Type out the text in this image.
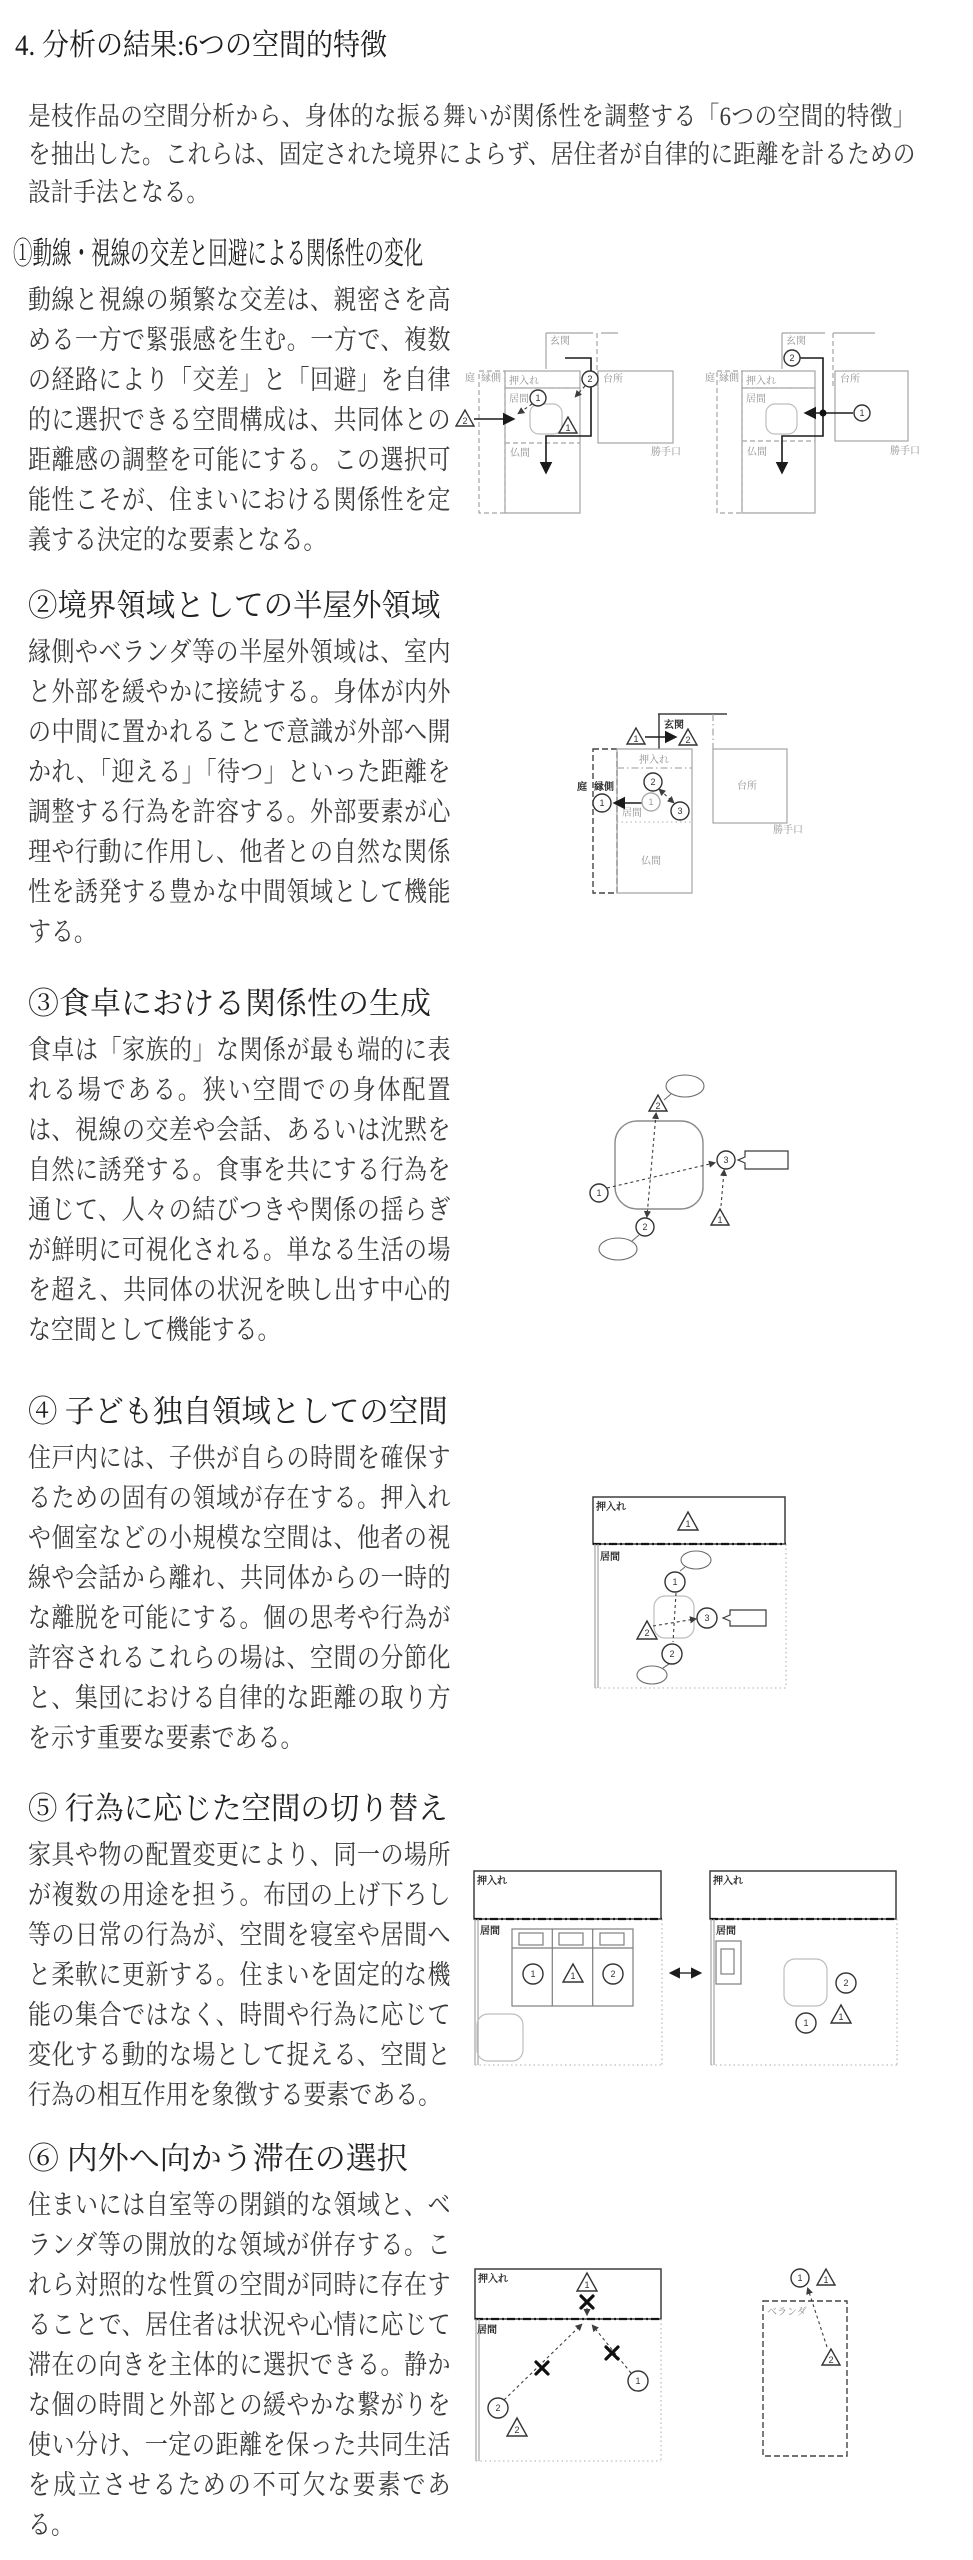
4. 分析の結果:6つの空間的特徴

是枝作品の空間分析から、身体的な振る舞いが関係性を調整する「6つの空間的特徴」を抽出した。これらは、固定された境界によらず、居住者が自律的に距離を計るための設計手法となる。

①動線・視線の交差と回避による関係性の変化

動線と視線の頻繁な交差は、親密さを高める一方で緊張感を生む。一方で、複数の経路により「交差」と「回避」を自律的に選択できる空間構成は、共同体との距離感の調整を可能にする。この選択可能性こそが、住まいにおける関係性を定義する決定的な要素となる。

玄関
庭 縁側 押入れ
居間
仏間
台所
勝手口
2
1
1
2
玄関
庭 縁側 押入れ
居間
仏間
台所
勝手口
2
1
②境界領域としての半屋外領域

縁側やベランダ等の半屋外領域は、室内と外部を緩やかに接続する。身体が内外の中間に置かれることで意識が外部へ開かれ、「迎える」「待つ」といった距離を調整する行為を許容する。外部要素が心理や行動に作用し、他者との自然な関係性を誘発する豊かな中間領域として機能する。

玄関
庭 縁側
押入れ
居間
仏間
台所
勝手口
1	2
1	1
2
3
③食卓における関係性の生成

食卓は「家族的」な関係が最も端的に表れる場である。狭い空間での身体配置は、視線の交差や会話、あるいは沈黙を自然に誘発する。食事を共にする行為を通じて、人々の結びつきや関係の揺らぎが鮮明に可視化される。単なる生活の場を超え、共同体の状況を映し出す中心的な空間として機能する。

2
1
2
3
1
④ 子ども独自領域としての空間

住戸内には、子供が自らの時間を確保するための固有の領域が存在する。押入れや個室などの小規模な空間は、他者の視線や会話から離れ、共同体からの一時的な離脱を可能にする。個の思考や行為が許容されるこれらの場は、空間の分節化と、集団における自律的な距離の取り方を示す重要な要素である。

押入れ
居間
1
1
2
2
3
⑤ 行為に応じた空間の切り替え

家具や物の配置変更により、同一の場所が複数の用途を担う。布団の上げ下ろし等の日常の行為が、空間を寝室や居間へと柔軟に更新する。住まいを固定的な機能の集合ではなく、時間や行為に応じて変化する動的な場として捉える、空間と行為の相互作用を象徴する要素である。

押入れ
居間
1	1	2
押入れ
居間
2
1
1
⑥ 内外へ向かう滞在の選択

住まいには自室等の閉鎖的な領域と、ベランダ等の開放的な領域が併存する。これら対照的な性質の空間が同時に存在することで、居住者は状況や心情に応じて滞在の向きを主体的に選択できる。静かな個の時間と外部との緩やかな繋がりを使い分け、一定の距離を保った共同生活を成立させるための不可欠な要素である。

押入れ
居間
1
2
2
1
ベランダ
1 1
2
